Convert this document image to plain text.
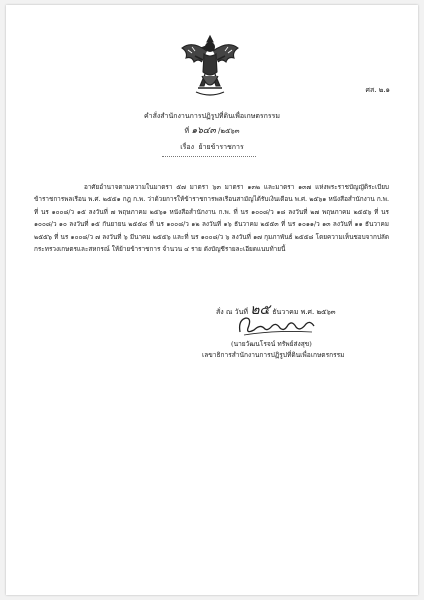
ศส. ๒.๑
คำสั่งสำนักงานการปฏิรูปที่ดินเพื่อเกษตรกรรม
ที่ ๑๖๔๓ /๒๕๖๓
เรื่อง ย้ายข้าราชการ

อาศัยอำนาจตามความในมาตรา ๕๗ มาตรา ๖๓ มาตรา ๑๓๒ และมาตรา ๑๓๗ แห่งพระราชบัญญัติระเบียบข้าราชการพลเรือน พ.ศ. ๒๕๕๑ กฎ ก.พ. ว่าด้วยการให้ข้าราชการพลเรือนสามัญได้รับเงินเดือน พ.ศ. ๒๕๖๑ หนังสือสำนักงาน ก.พ. ที่ นร ๑๐๐๘/ว ๑๕ ลงวันที่ ๗ พฤษภาคม ๒๕๖๑ หนังสือสำนักงาน ก.พ. ที่ นร ๑๐๐๘/ว ๑๘ ลงวันที่ ๒๗ พฤษภาคม ๒๕๕๖ ที่ นร ๑๐๐๘/ว ๑๐ ลงวันที่ ๑๕ กันยายน ๒๕๕๘ ที่ นร ๑๐๐๘/ว ๑๒ ลงวันที่ ๑๖ ธันวาคม ๒๕๕๓ ที่ นร ๑๐๑๑/ว ๑๓ ลงวันที่ ๑๑ ธันวาคม ๒๕๕๖ ที่ นร ๑๐๐๘/ว ๗ ลงวันที่ ๖ มีนาคม ๒๕๕๖ และที่ นร ๑๐๐๘/ว ๖ ลงวันที่ ๑๗ กุมภาพันธ์ ๒๕๕๘ โดยความเห็นชอบจากปลัดกระทรวงเกษตรและสหกรณ์ ให้ย้ายข้าราชการ จำนวน ๔ ราย ดังบัญชีรายละเอียดแนบท้ายนี้

สั่ง ณ วันที่ ๒๕ ธันวาคม พ.ศ. ๒๕๖๓
(นายวัฒนโรจน์ ทรัพย์ส่งสุข)
เลขาธิการสำนักงานการปฏิรูปที่ดินเพื่อเกษตรกรรม
